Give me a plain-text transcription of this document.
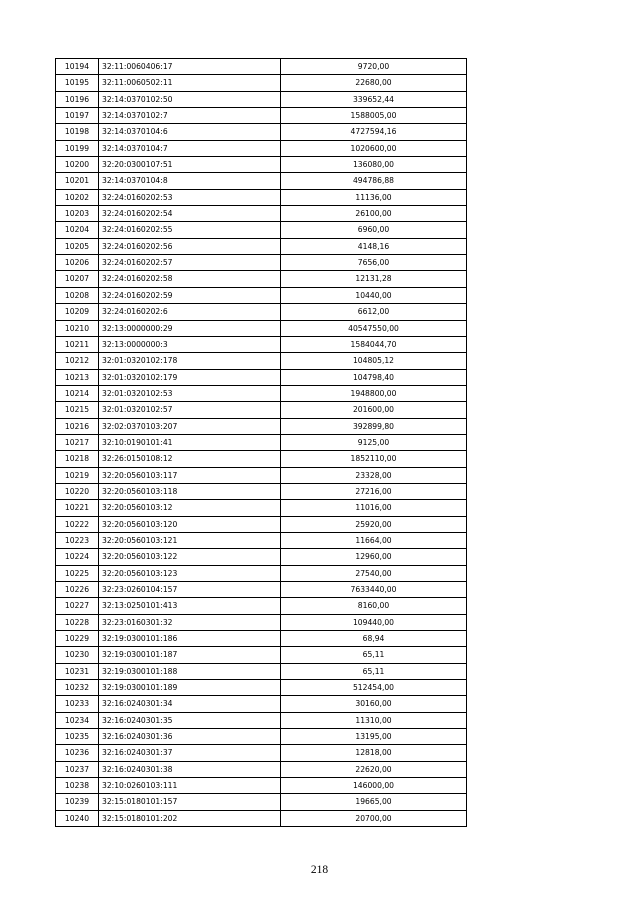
10194	32:11:0060406:17	9720,00
10195	32:11:0060502:11	22680,00
10196	32:14:0370102:50	339652,44
10197	32:14:0370102:7	1588005,00
10198	32:14:0370104:6	4727594,16
10199	32:14:0370104:7	1020600,00
10200	32:20:0300107:51	136080,00
10201	32:14:0370104:8	494786,88
10202	32:24:0160202:53	11136,00
10203	32:24:0160202:54	26100,00
10204	32:24:0160202:55	6960,00
10205	32:24:0160202:56	4148,16
10206	32:24:0160202:57	7656,00
10207	32:24:0160202:58	12131,28
10208	32:24:0160202:59	10440,00
10209	32:24:0160202:6	6612,00
10210	32:13:0000000:29	40547550,00
10211	32:13:0000000:3	1584044,70
10212	32:01:0320102:178	104805,12
10213	32:01:0320102:179	104798,40
10214	32:01:0320102:53	1948800,00
10215	32:01:0320102:57	201600,00
10216	32:02:0370103:207	392899,80
10217	32:10:0190101:41	9125,00
10218	32:26:0150108:12	1852110,00
10219	32:20:0560103:117	23328,00
10220	32:20:0560103:118	27216,00
10221	32:20:0560103:12	11016,00
10222	32:20:0560103:120	25920,00
10223	32:20:0560103:121	11664,00
10224	32:20:0560103:122	12960,00
10225	32:20:0560103:123	27540,00
10226	32:23:0260104:157	7633440,00
10227	32:13:0250101:413	8160,00
10228	32:23:0160301:32	109440,00
10229	32:19:0300101:186	68,94
10230	32:19:0300101:187	65,11
10231	32:19:0300101:188	65,11
10232	32:19:0300101:189	512454,00
10233	32:16:0240301:34	30160,00
10234	32:16:0240301:35	11310,00
10235	32:16:0240301:36	13195,00
10236	32:16:0240301:37	12818,00
10237	32:16:0240301:38	22620,00
10238	32:10:0260103:111	146000,00
10239	32:15:0180101:157	19665,00
10240	32:15:0180101:202	20700,00
218
